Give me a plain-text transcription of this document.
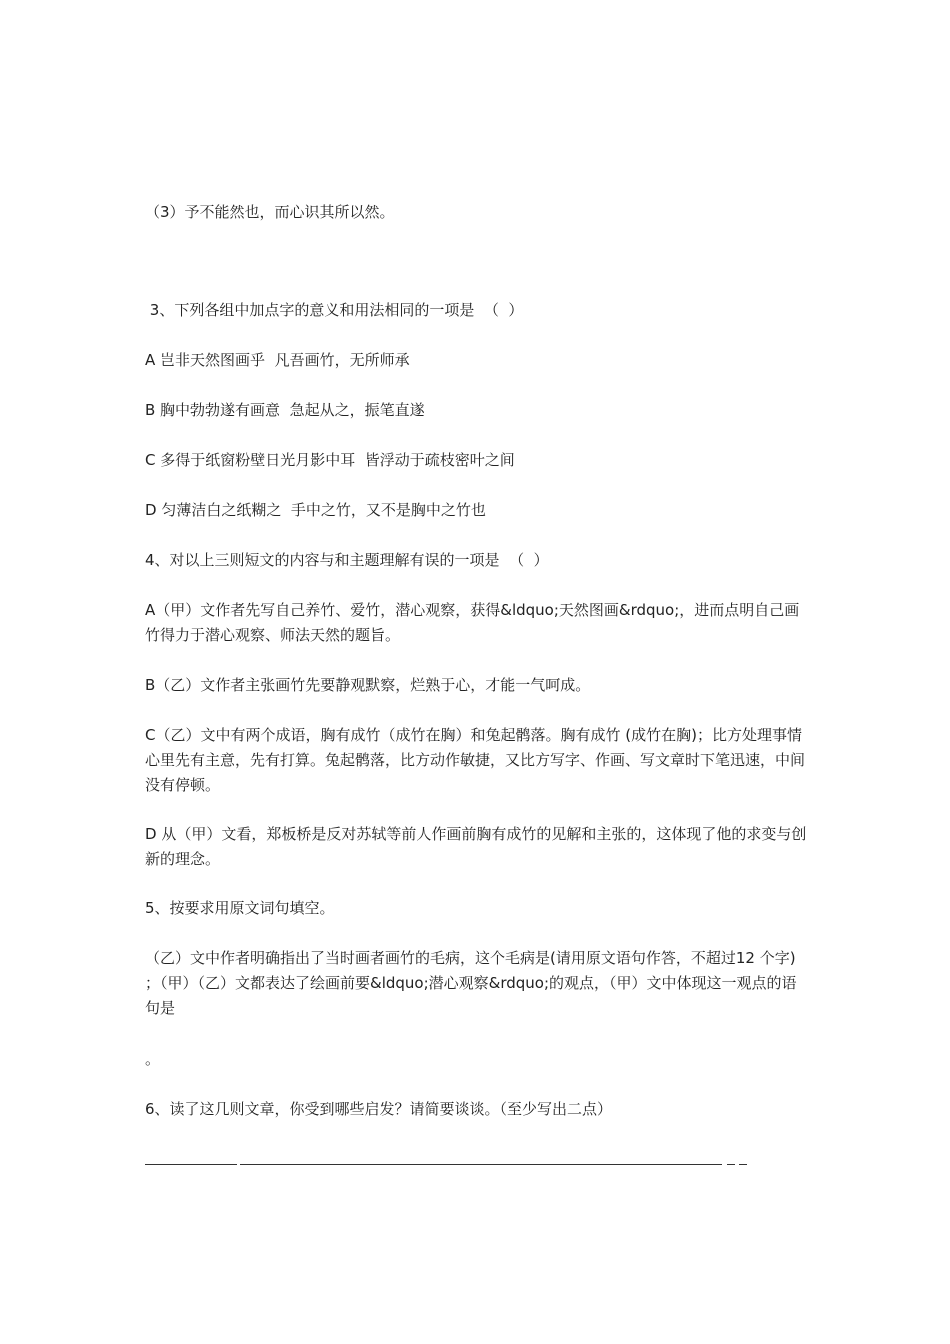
（3）予不能然也，而心识其所以然。
3、下列各组中加点字的意义和用法相同的一项是  （  ）
A 岂非天然图画乎  凡吾画竹，无所师承
B 胸中勃勃遂有画意  急起从之，振笔直遂
C 多得于纸窗粉壁日光月影中耳  皆浮动于疏枝密叶之间
D 匀薄洁白之纸糊之  手中之竹，又不是胸中之竹也
4、对以上三则短文的内容与和主题理解有误的一项是  （  ）
A（甲）文作者先写自己养竹、爱竹，潜心观察，获得&ldquo;天然图画&rdquo;，进而点明自己画竹得力于潜心观察、师法天然的题旨。
B（乙）文作者主张画竹先要静观默察，烂熟于心，才能一气呵成。
C（乙）文中有两个成语，胸有成竹（成竹在胸）和兔起鹘落。胸有成竹 (成竹在胸)；比方处理事情心里先有主意，先有打算。兔起鹘落，比方动作敏捷，又比方写字、作画、写文章时下笔迅速，中间没有停顿。
D 从（甲）文看，郑板桥是反对苏轼等前人作画前胸有成竹的见解和主张的，这体现了他的求变与创新的理念。
5、按要求用原文词句填空。
（乙）文中作者明确指出了当时画者画竹的毛病，这个毛病是(请用原文语句作答，不超过12 个字) ；（甲）（乙）文都表达了绘画前要&ldquo;潜心观察&rdquo;的观点，（甲）文中体现这一观点的语句是
。
6、读了这几则文章，你受到哪些启发？请简要谈谈。（至少写出二点）
